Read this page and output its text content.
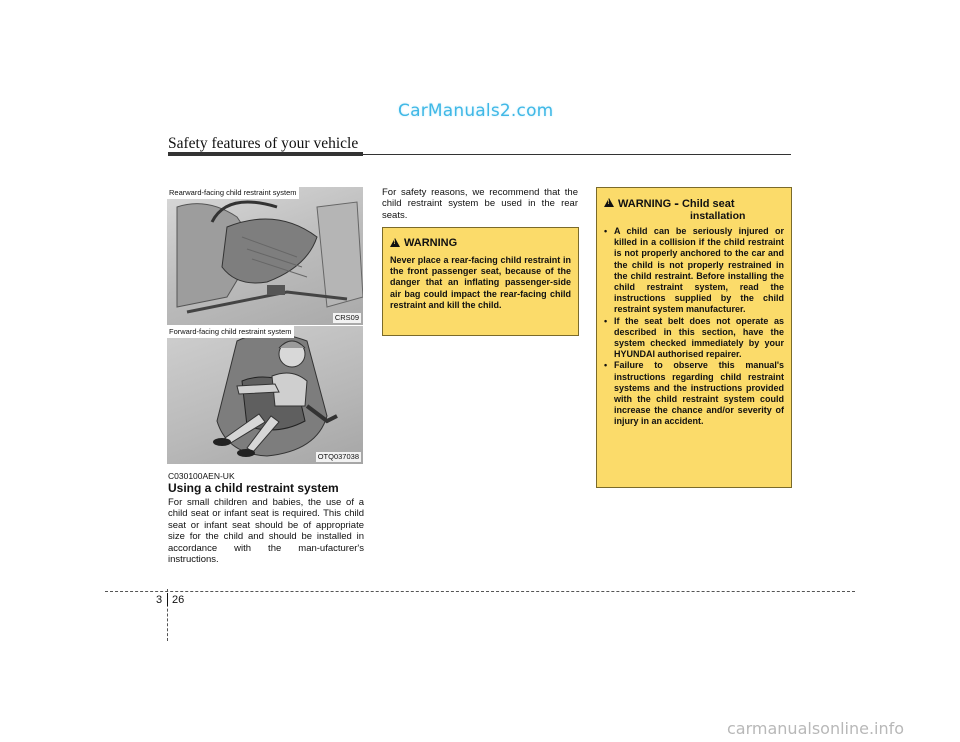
CarManuals2.com
Safety features of your vehicle
Rearward-facing child restraint system
CRS09
Forward-facing child restraint system
OTQ037038
C030100AEN-UK
Using a child restraint system
For small children and babies, the use of a child seat or infant seat is required. This child seat or infant seat should be of appropriate size for the child and should be installed in accordance with the man-ufacturer's instructions.
For safety reasons, we recommend that the child restraint system be used in the rear seats.
!
WARNING
Never place a rear-facing child restraint in the front passenger seat, because of the danger that an inflating passenger-side air bag could impact the rear-facing child restraint and kill the child.
!
WARNING - Child seat
installation
• A child can be seriously injured or killed in a collision if the child restraint is not properly anchored to the car and the child is not properly restrained in the child restraint. Before installing the child restraint system, read the instructions supplied by the child restraint system manufacturer.
• If the seat belt does not operate as described in this section, have the system checked immediately by your HYUNDAI authorised repairer.
• Failure to observe this manual's instructions regarding child restraint systems and the instructions provided with the child restraint system could increase the chance and/or severity of injury in an accident.
3 26
carmanualsonline.info
